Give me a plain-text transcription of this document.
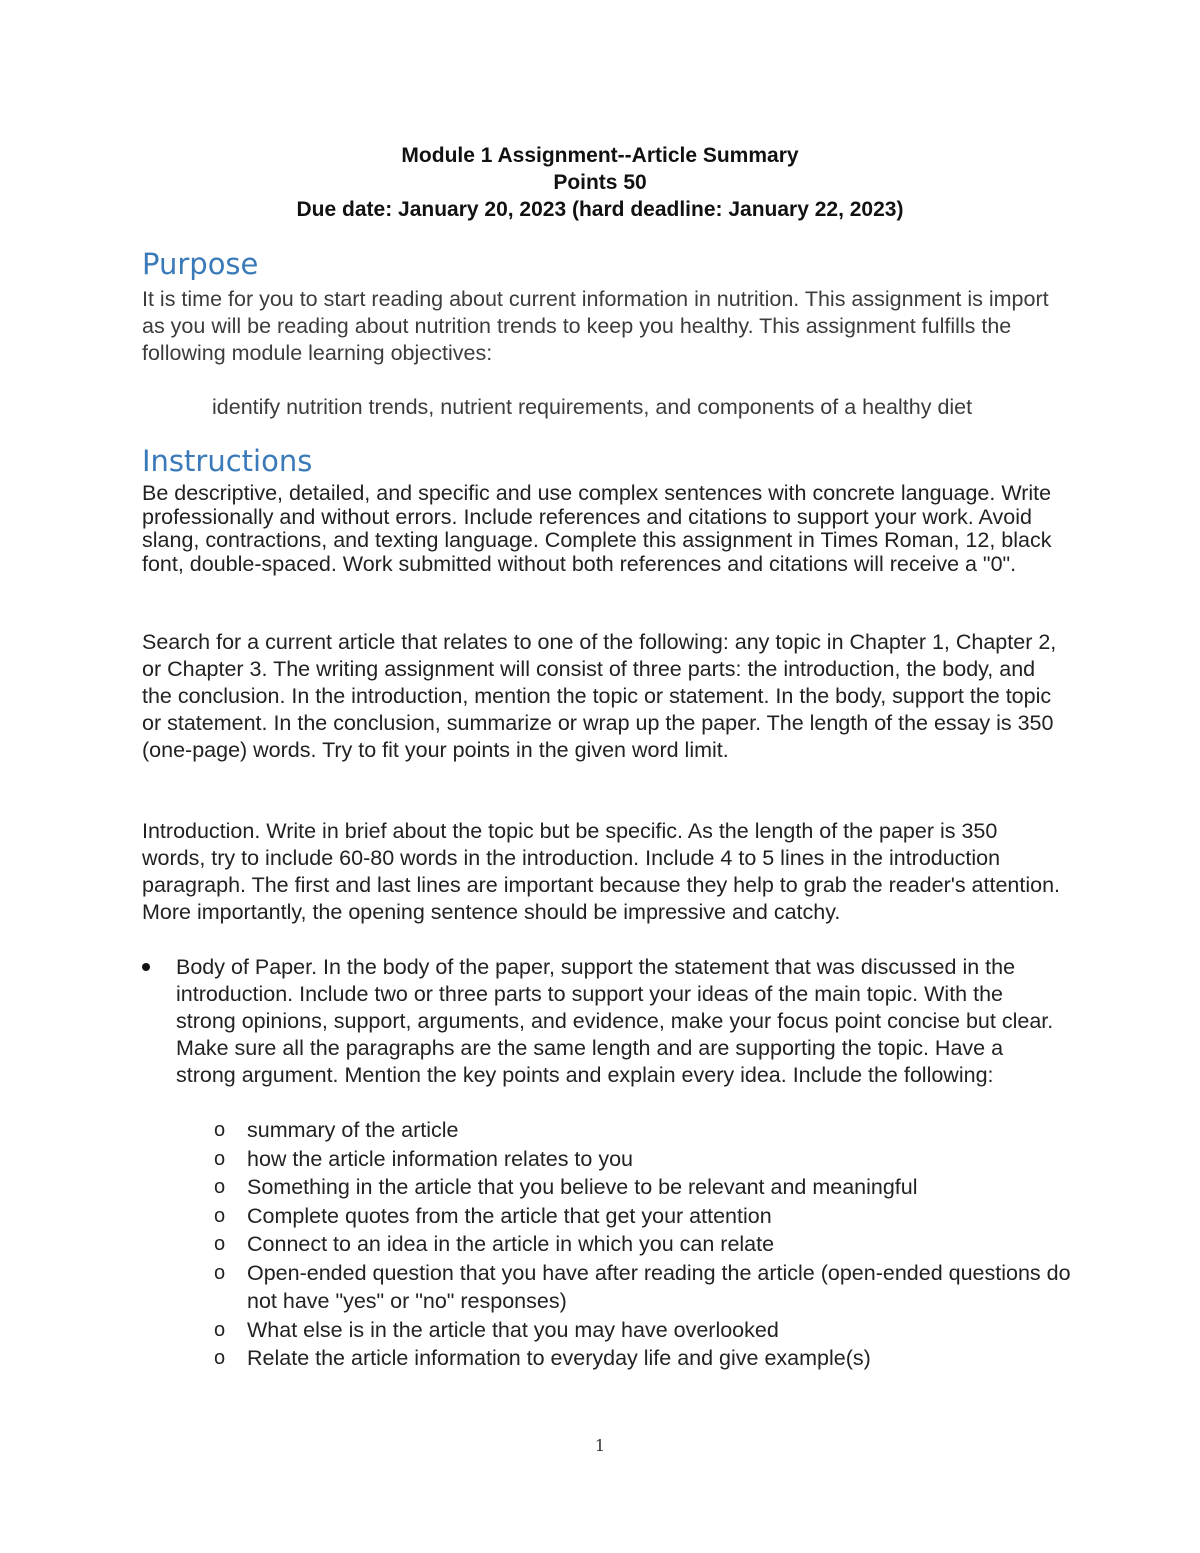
Module 1 Assignment--Article Summary
Points 50
Due date: January 20, 2023 (hard deadline: January 22, 2023)
Purpose
It is time for you to start reading about current information in nutrition. This assignment is import as you will be reading about nutrition trends to keep you healthy. This assignment fulfills the following module learning objectives:
identify nutrition trends, nutrient requirements, and components of a healthy diet
Instructions
Be descriptive, detailed, and specific and use complex sentences with concrete language. Write professionally and without errors. Include references and citations to support your work. Avoid slang, contractions, and texting language. Complete this assignment in Times Roman, 12, black font, double-spaced. Work submitted without both references and citations will receive a "0".
Search for a current article that relates to one of the following: any topic in Chapter 1, Chapter 2, or Chapter 3. The writing assignment will consist of three parts: the introduction, the body, and the conclusion. In the introduction, mention the topic or statement. In the body, support the topic or statement. In the conclusion, summarize or wrap up the paper. The length of the essay is 350 (one-page) words. Try to fit your points in the given word limit.
Introduction. Write in brief about the topic but be specific. As the length of the paper is 350 words, try to include 60-80 words in the introduction. Include 4 to 5 lines in the introduction paragraph. The first and last lines are important because they help to grab the reader's attention. More importantly, the opening sentence should be impressive and catchy.
Body of Paper. In the body of the paper, support the statement that was discussed in the introduction. Include two or three parts to support your ideas of the main topic. With the strong opinions, support, arguments, and evidence, make your focus point concise but clear. Make sure all the paragraphs are the same length and are supporting the topic. Have a strong argument. Mention the key points and explain every idea. Include the following:
o summary of the article
o how the article information relates to you
o Something in the article that you believe to be relevant and meaningful
o Complete quotes from the article that get your attention
o Connect to an idea in the article in which you can relate
o Open-ended question that you have after reading the article (open-ended questions do not have "yes" or "no" responses)
o What else is in the article that you may have overlooked
o Relate the article information to everyday life and give example(s)
1
